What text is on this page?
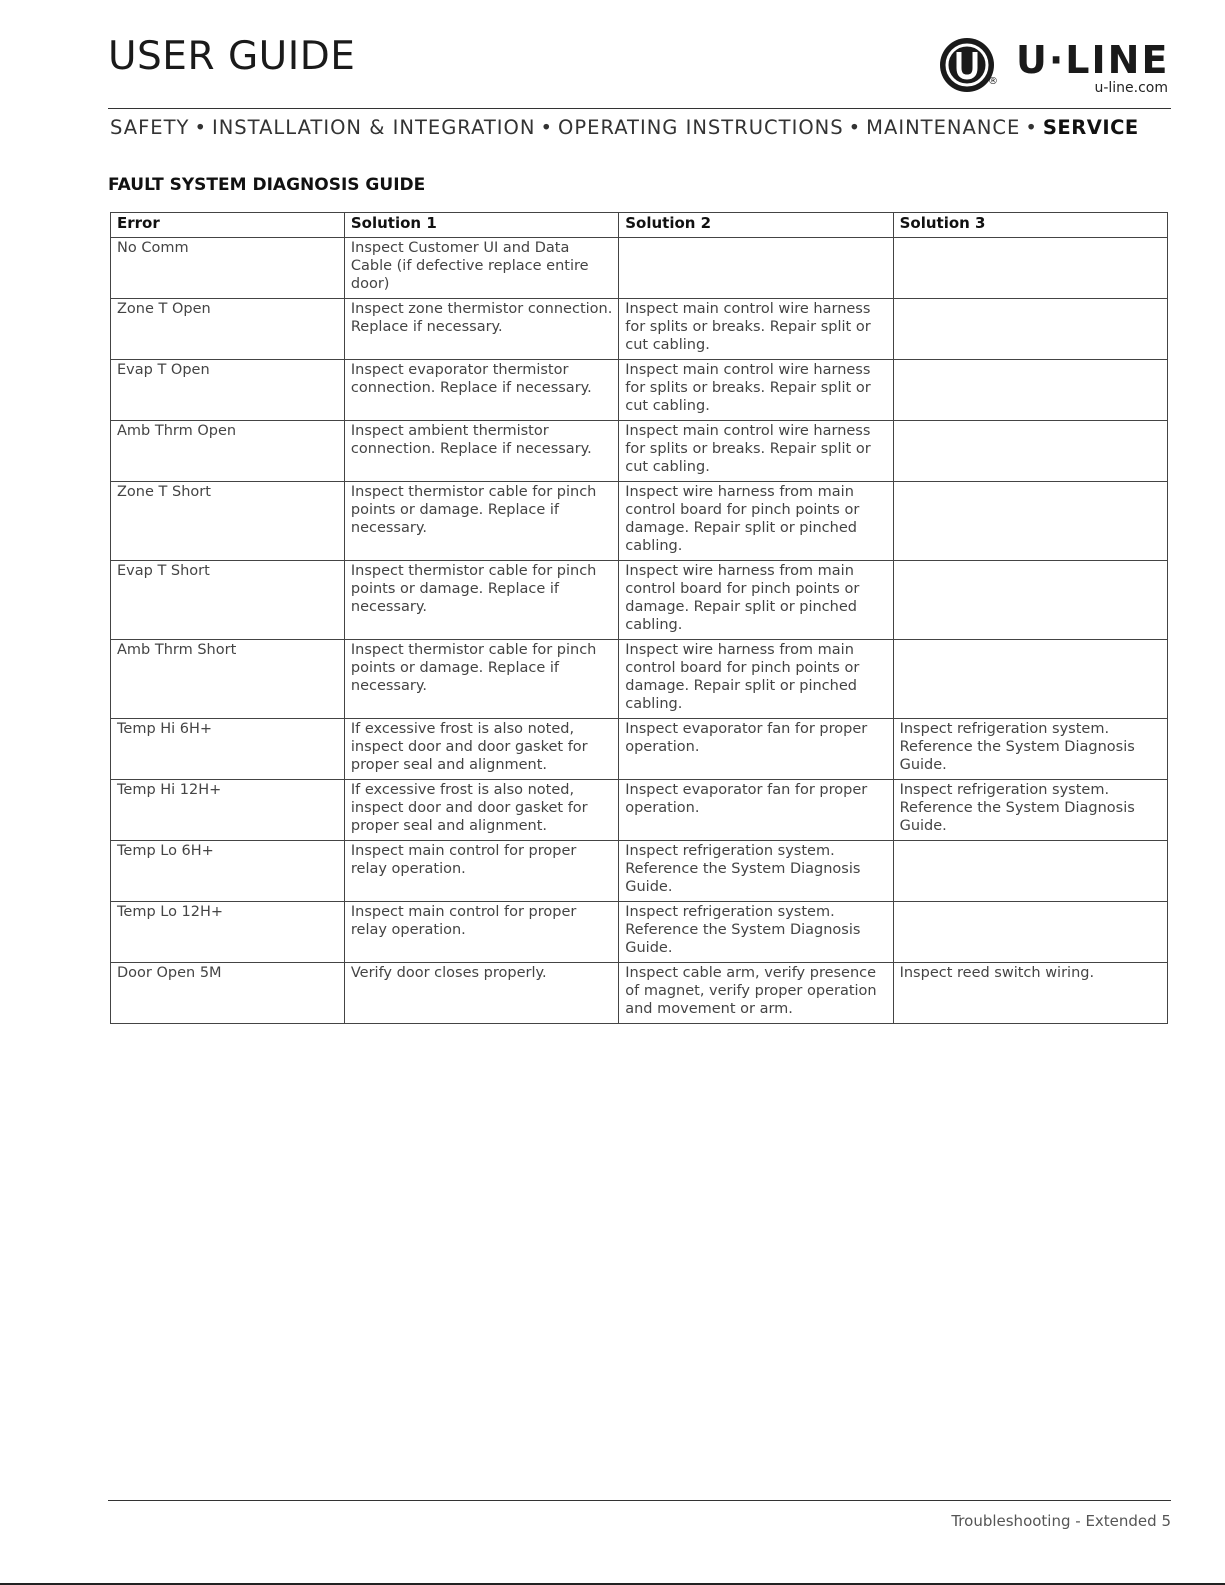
USER GUIDE
® U·LINE
u-line.com
SAFETY • INSTALLATION & INTEGRATION • OPERATING INSTRUCTIONS • MAINTENANCE • SERVICE
FAULT SYSTEM DIAGNOSIS GUIDE
Error	Solution 1	Solution 2	Solution 3
No Comm	Inspect Customer UI and Data Cable (if defective replace entire door)		
Zone T Open	Inspect zone thermistor connection. Replace if necessary.	Inspect main control wire harness for splits or breaks. Repair split or cut cabling.	
Evap T Open	Inspect evaporator thermistor connection. Replace if necessary.	Inspect main control wire harness for splits or breaks. Repair split or cut cabling.	
Amb Thrm Open	Inspect ambient thermistor connection. Replace if necessary.	Inspect main control wire harness for splits or breaks. Repair split or cut cabling.	
Zone T Short	Inspect thermistor cable for pinch points or damage. Replace if necessary.	Inspect wire harness from main control board for pinch points or damage. Repair split or pinched cabling.	
Evap T Short	Inspect thermistor cable for pinch points or damage. Replace if necessary.	Inspect wire harness from main control board for pinch points or damage. Repair split or pinched cabling.	
Amb Thrm Short	Inspect thermistor cable for pinch points or damage. Replace if necessary.	Inspect wire harness from main control board for pinch points or damage. Repair split or pinched cabling.	
Temp Hi 6H+	If excessive frost is also noted, inspect door and door gasket for proper seal and alignment.	Inspect evaporator fan for proper operation.	Inspect refrigeration system. Reference the System Diagnosis Guide.
Temp Hi 12H+	If excessive frost is also noted, inspect door and door gasket for proper seal and alignment.	Inspect evaporator fan for proper operation.	Inspect refrigeration system. Reference the System Diagnosis Guide.
Temp Lo 6H+	Inspect main control for proper relay operation.	Inspect refrigeration system. Reference the System Diagnosis Guide.	
Temp Lo 12H+	Inspect main control for proper relay operation.	Inspect refrigeration system. Reference the System Diagnosis Guide.	
Door Open 5M	Verify door closes properly.	Inspect cable arm, verify presence of magnet, verify proper operation and movement or arm.	Inspect reed switch wiring.
Troubleshooting - Extended 5
